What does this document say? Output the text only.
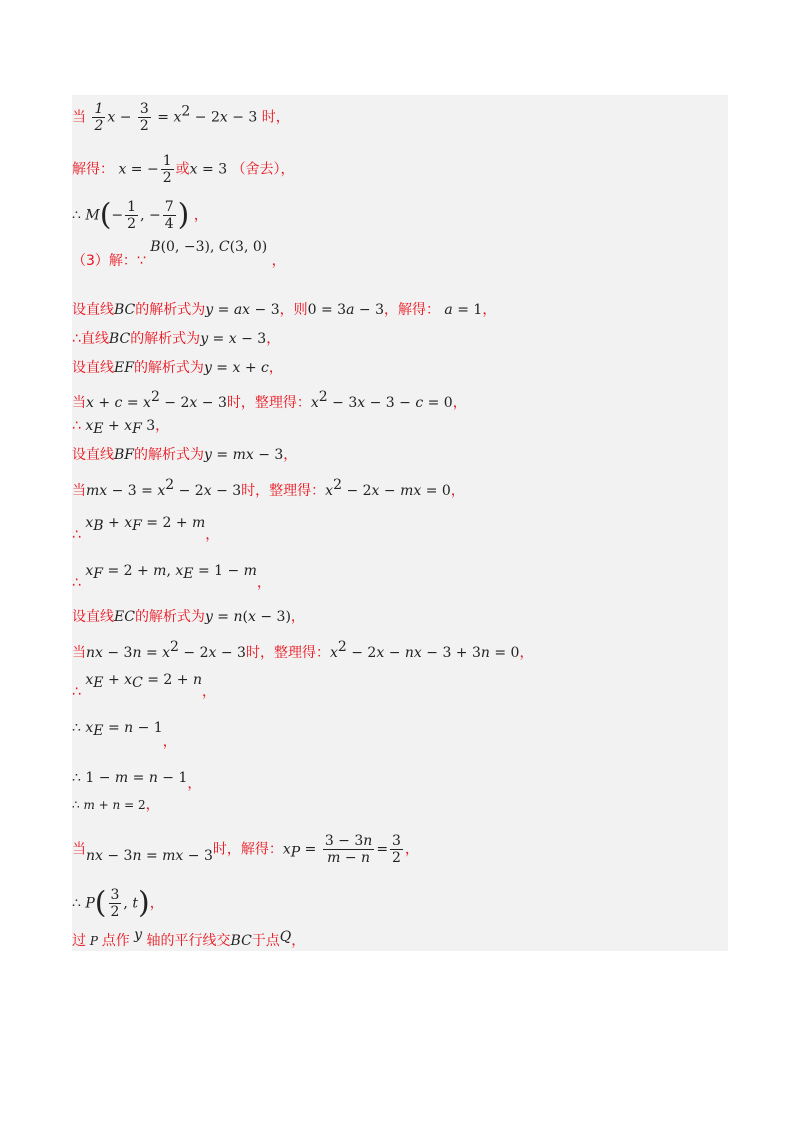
当 $\frac{1}{2}$ $x - \frac{3}{2} = x^2 - 2x - 3$ 时，
解得： x = − $\frac{1}{2}$ 或x = 3 （舍去），
∴ $M(- \frac{1}{2}$ , − $\frac{7}{4}$ ) ，
（3）解：∵ B(0, −3), C(3, 0) ，
设直线BC的解析式为y = ax − 3，则0 = 3a − 3，解得： a = 1，
∴直线BC的解析式为y = x − 3，
设直线EF的解析式为y = x + c，
当$x + c = x^2 - 2x - 3$时，整理得：$x^2 - 3x - 3 - c = 0$，
∴ $x_E + x_F$ 3，
设直线BF的解析式为y = mx − 3，
当mx − $3 = x^2 - 2x - 3$时，整理得：$x^2 - 2x$ − mx = 0，
∴ $x_B + x_F = 2 + m$，
∴ $x_F = 2 + m$, $x_E = 1 - m$，
设直线EC的解析式为y = n(x − 3)，
当nx − $3n = x^2 - 2x - 3$时，整理得：$x^2 - 2x$ − nx − 3 + 3n = 0，
∴ $x_E + x_C = 2 + n$，
∴ $x_E = n - 1$，
∴ 1 − m = n − 1，
∴ m + n = 2，
当nx − 3n = mx − 3时，解得：$x_P = \frac{3 - 3n}{m - n} = \frac{3}{2}$ ，
∴ $P( \frac{3}{2}$ , t)，
过 P 点作 y 轴的平行线交BC于点Q，
